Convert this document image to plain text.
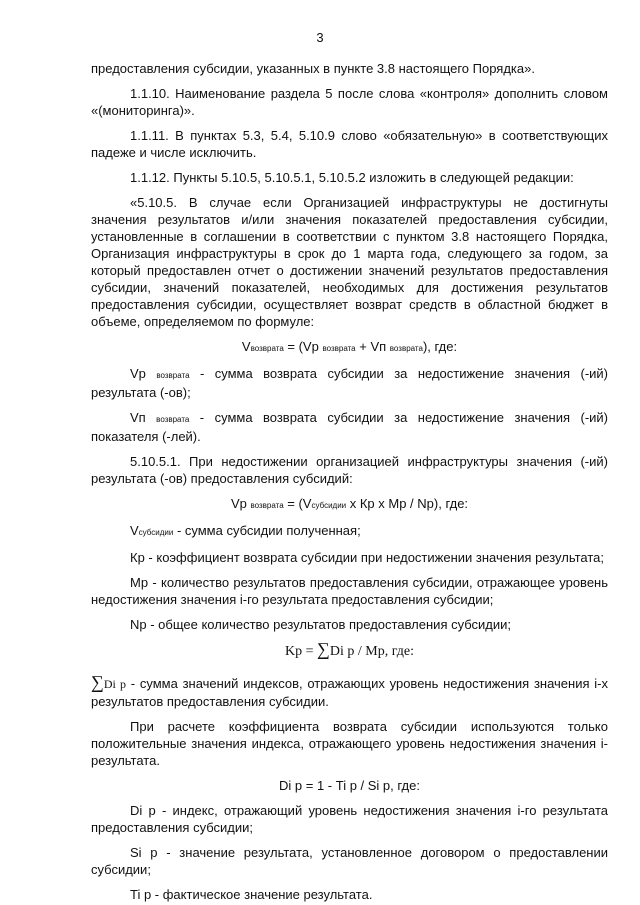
3

предоставления субсидии, указанных в пункте 3.8 настоящего Порядка».

1.1.10. Наименование раздела 5 после слова «контроля» дополнить словом «(мониторинга)».

1.1.11. В пунктах 5.3, 5.4, 5.10.9 слово «обязательную» в соответствующих падеже и числе исключить.

1.1.12. Пункты 5.10.5, 5.10.5.1, 5.10.5.2 изложить в следующей редакции:

«5.10.5. В случае если Организацией инфраструктуры не достигнуты значения результатов и/или значения показателей предоставления субсидии, установленные в соглашении в соответствии с пунктом 3.8 настоящего Порядка, Организация инфраструктуры в срок до 1 марта года, следующего за годом, за который предоставлен отчет о достижении значений результатов предоставления субсидии, значений показателей, необходимых для достижения результатов предоставления субсидии, осуществляет возврат средств в областной бюджет в объеме, определяемом по формуле:

Vвозврата = (Vр возврата + Vп возврата), где:

Vр возврата - сумма возврата субсидии за недостижение значения (-ий) результата (-ов);

Vп возврата - сумма возврата субсидии за недостижение значения (-ий) показателя (-лей).

5.10.5.1. При недостижении организацией инфраструктуры значения (-ий) результата (-ов) предоставления субсидий:

Vр возврата = (Vсубсидии х Кр х Мр / Nр), где:

Vсубсидии - сумма субсидии полученная;

Кр - коэффициент возврата субсидии при недостижении значения результата;

Мр - количество результатов предоставления субсидии, отражающее уровень недостижения значения i-го результата предоставления субсидии;

Nр - общее количество результатов предоставления субсидии;

Kp = ∑Di p / Mp, где:

∑Di p - сумма значений индексов, отражающих уровень недостижения значения i-х результатов предоставления субсидии.

При расчете коэффициента возврата субсидии используются только положительные значения индекса, отражающего уровень недостижения значения i-результата.

Di р = 1 - Ti р / Si р, где:

Di р - индекс, отражающий уровень недостижения значения i-го результата предоставления субсидии;

Si р - значение результата, установленное договором о предоставлении субсидии;

Ti р - фактическое значение результата.
